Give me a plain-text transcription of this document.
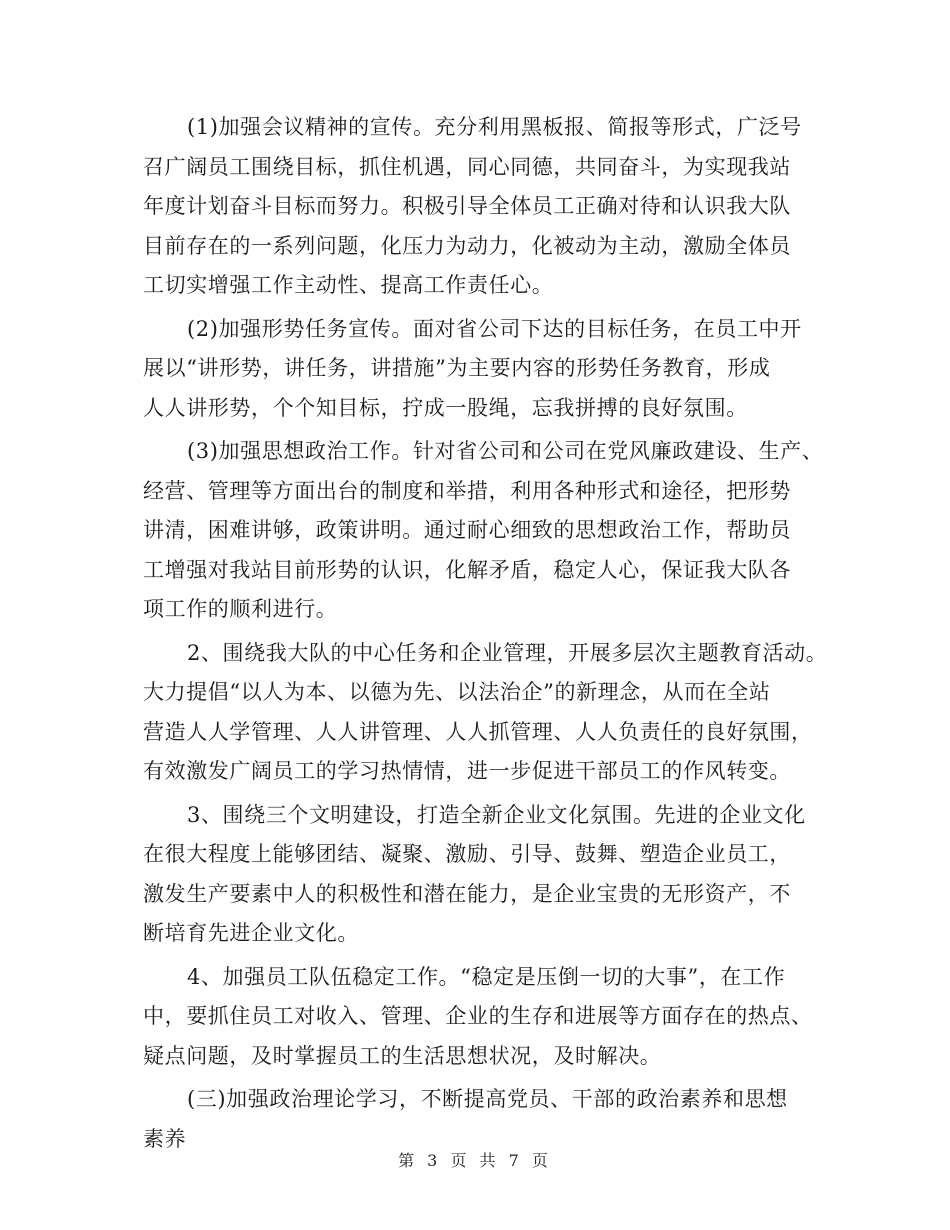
(1)加强会议精神的宣传。充分利用黑板报、简报等形式，广泛号
召广阔员工围绕目标，抓住机遇，同心同德，共同奋斗，为实现我站
年度计划奋斗目标而努力。积极引导全体员工正确对待和认识我大队
目前存在的一系列问题，化压力为动力，化被动为主动，激励全体员
工切实增强工作主动性、提高工作责任心。
(2)加强形势任务宣传。面对省公司下达的目标任务，在员工中开
展以“讲形势，讲任务，讲措施”为主要内容的形势任务教育，形成
人人讲形势，个个知目标，拧成一股绳，忘我拼搏的良好氛围。
(3)加强思想政治工作。针对省公司和公司在党风廉政建设、生产、
经营、管理等方面出台的制度和举措，利用各种形式和途径，把形势
讲清，困难讲够，政策讲明。通过耐心细致的思想政治工作，帮助员
工增强对我站目前形势的认识，化解矛盾，稳定人心，保证我大队各
项工作的顺利进行。
2、围绕我大队的中心任务和企业管理，开展多层次主题教育活动。
大力提倡“以人为本、以德为先、以法治企”的新理念，从而在全站
营造人人学管理、人人讲管理、人人抓管理、人人负责任的良好氛围，
有效激发广阔员工的学习热情情，进一步促进干部员工的作风转变。
3、围绕三个文明建设，打造全新企业文化氛围。先进的企业文化
在很大程度上能够团结、凝聚、激励、引导、鼓舞、塑造企业员工，
激发生产要素中人的积极性和潜在能力，是企业宝贵的无形资产，不
断培育先进企业文化。
4、加强员工队伍稳定工作。“稳定是压倒一切的大事”，在工作
中，要抓住员工对收入、管理、企业的生存和进展等方面存在的热点、
疑点问题，及时掌握员工的生活思想状况，及时解决。
(三)加强政治理论学习，不断提高党员、干部的政治素养和思想
素养
第 3 页 共 7 页
